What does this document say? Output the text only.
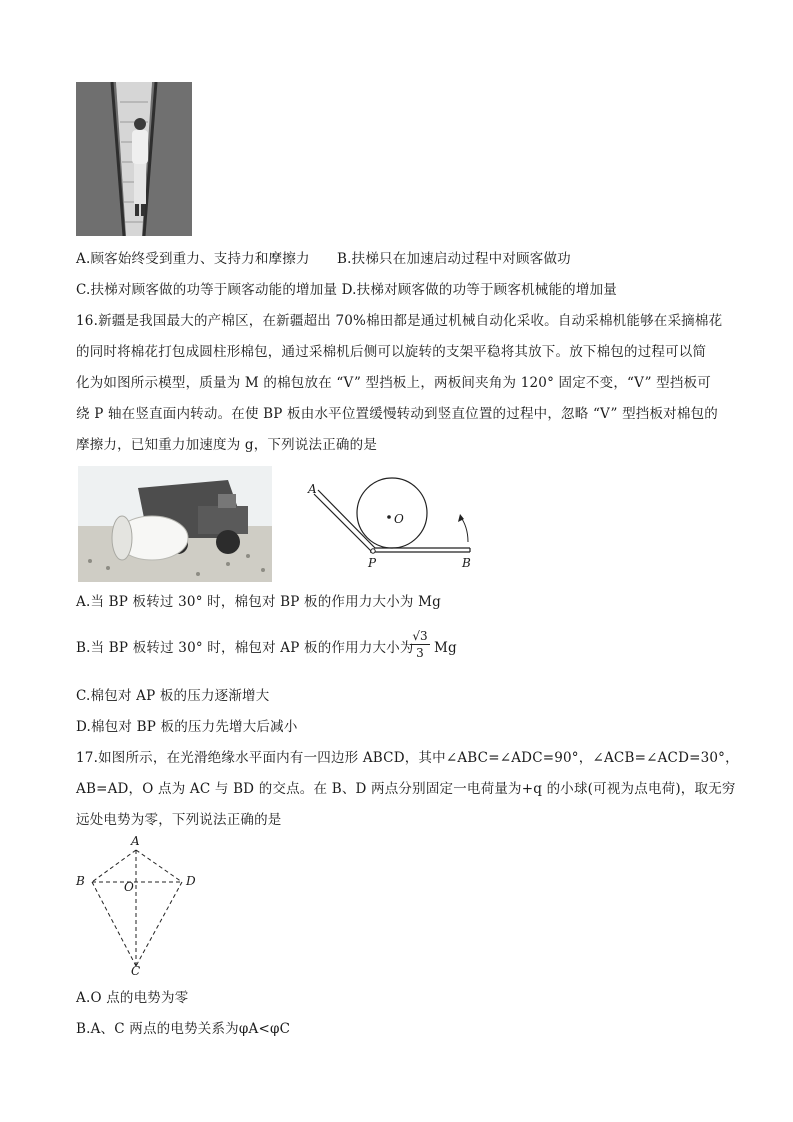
A.顾客始终受到重力、支持力和摩擦力　　B.扶梯只在加速启动过程中对顾客做功
C.扶梯对顾客做的功等于顾客动能的增加量 D.扶梯对顾客做的功等于顾客机械能的增加量
16.新疆是我国最大的产棉区，在新疆超出 70%棉田都是通过机械自动化采收。自动采棉机能够在采摘棉花
的同时将棉花打包成圆柱形棉包，通过采棉机后侧可以旋转的支架平稳将其放下。放下棉包的过程可以简
化为如图所示模型，质量为 M 的棉包放在 “V” 型挡板上，两板间夹角为 120° 固定不变，“V” 型挡板可
绕 P 轴在竖直面内转动。在使 BP 板由水平位置缓慢转动到竖直位置的过程中，忽略 “V” 型挡板对棉包的
摩擦力，已知重力加速度为 g，下列说法正确的是
A
O
P	B
A.当 BP 板转过 30° 时，棉包对 BP 板的作用力大小为 Mg
B.当 BP 板转过 30° 时，棉包对 AP 板的作用力大小为
$\frac{√3}{3}$ Mg
C.棉包对 AP 板的压力逐渐增大
D.棉包对 BP 板的压力先增大后减小
17.如图所示，在光滑绝缘水平面内有一四边形 ABCD，其中∠ABC=∠ADC=90°，∠ACB=∠ACD=30°，
AB=AD，O 点为 AC 与 BD 的交点。在 B、D 两点分别固定一电荷量为+q 的小球(可视为点电荷)，取无穷
远处电势为零，下列说法正确的是
A
B	O	D
C
A.O 点的电势为零
B.A、C 两点的电势关系为φA<φC
